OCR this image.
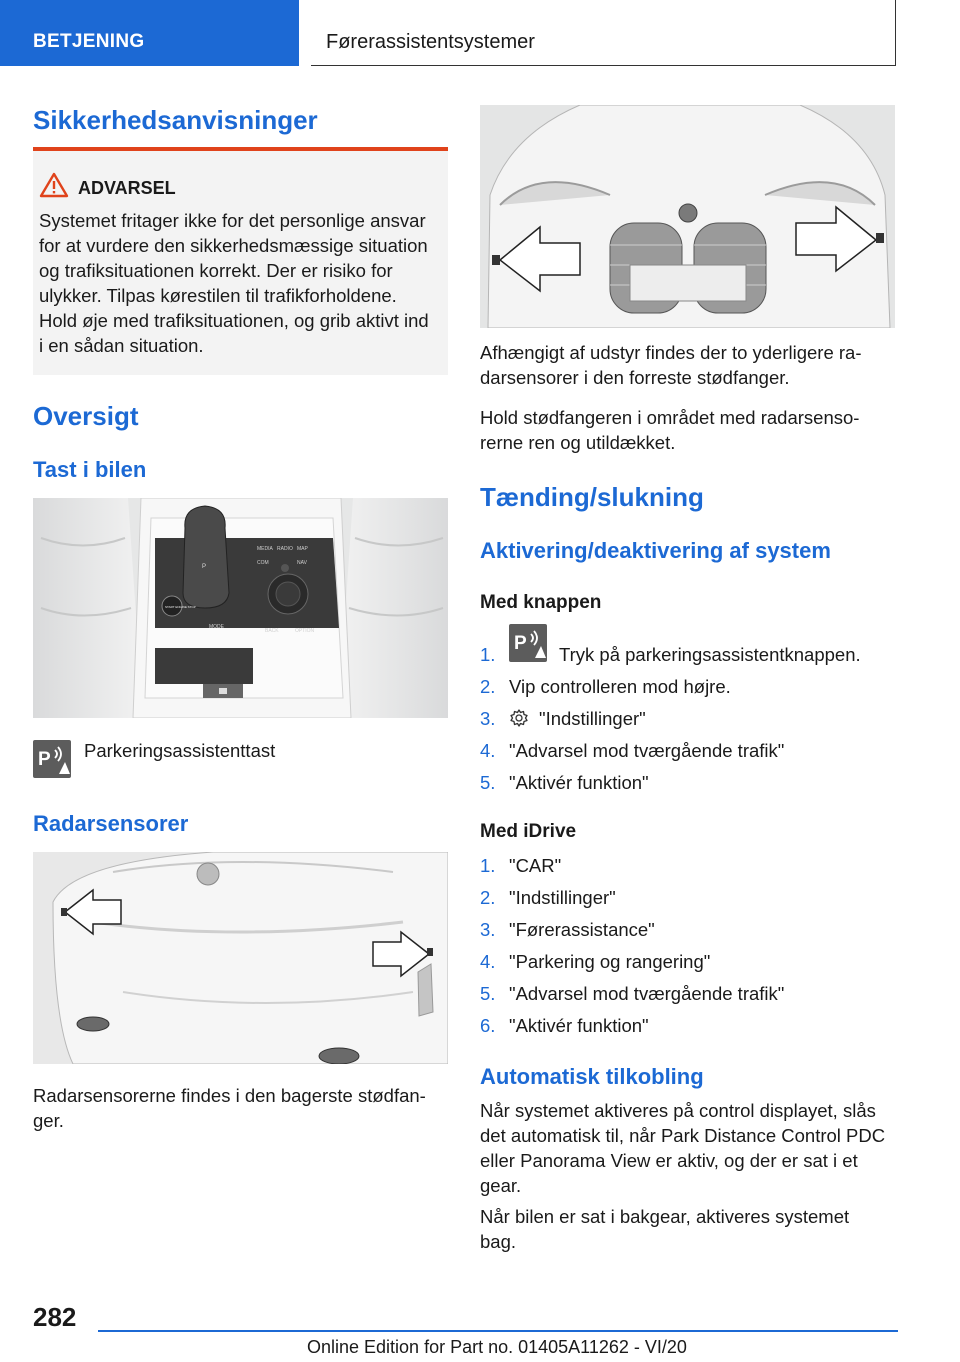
BETJENING	Førerassistentsystemer
Sikkerhedsanvisninger
ADVARSEL
Systemet fritager ikke for det personlige ansvar
for at vurdere den sikkerhedsmæssige situation
og trafiksituationen korrekt. Der er risiko for
ulykker. Tilpas kørestilen til trafikforholdene.
Hold øje med trafiksituationen, og grib aktivt ind
i en sådan situation.
Oversigt
Tast i bilen
P
START ENGINE STOP
MEDIA RADIO MAP
COM	NAV
BACK	OPTION
MODE
P Parkeringsassistenttast
Radarsensorer
Radarsensorerne findes i den bagerste stødfan-
ger.
Afhængigt af udstyr findes der to yderligere ra-
darsensorer i den forreste stødfanger.
Hold stødfangeren i området med radarsenso-
rerne ren og utildækket.
Tænding/slukning
Aktivering/deaktivering af system
Med knappen
1.
P
Tryk på parkeringsassistentknappen.
2. Vip controlleren mod højre.
3. "Indstillinger"
4. "Advarsel mod tværgående trafik"
5. "Aktivér funktion"
Med iDrive
1. "CAR"
2. "Indstillinger"
3. "Førerassistance"
4. "Parkering og rangering"
5. "Advarsel mod tværgående trafik"
6. "Aktivér funktion"
Automatisk tilkobling
Når systemet aktiveres på control displayet, slås
det automatisk til, når Park Distance Control PDC
eller Panorama View er aktiv, og der er sat i et
gear.
Når bilen er sat i bakgear, aktiveres systemet
bag.
282
Online Edition for Part no. 01405A11262 - VI/20
